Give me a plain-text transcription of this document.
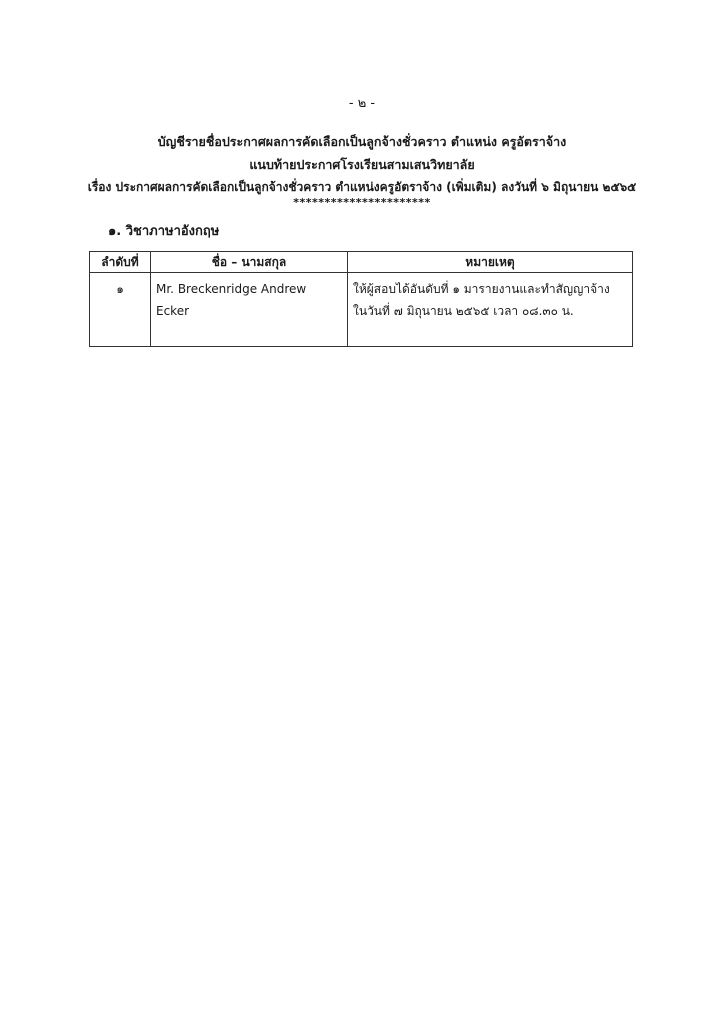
- ๒ -
บัญชีรายชื่อประกาศผลการคัดเลือกเป็นลูกจ้างชั่วคราว ตำแหน่ง ครูอัตราจ้าง
แนบท้ายประกาศโรงเรียนสามเสนวิทยาลัย
เรื่อง ประกาศผลการคัดเลือกเป็นลูกจ้างชั่วคราว ตำแหน่งครูอัตราจ้าง (เพิ่มเติม) ลงวันที่ ๖ มิถุนายน ๒๕๖๕
**********************
๑. วิชาภาษาอังกฤษ
ลำดับที่	ชื่อ – นามสกุล	หมายเหตุ

๑	Mr. Breckenridge Andrew Ecker	ให้ผู้สอบได้อันดับที่ ๑ มารายงานและทำสัญญาจ้าง
ในวันที่ ๗ มิถุนายน ๒๕๖๕ เวลา ๐๘.๓๐ น.
